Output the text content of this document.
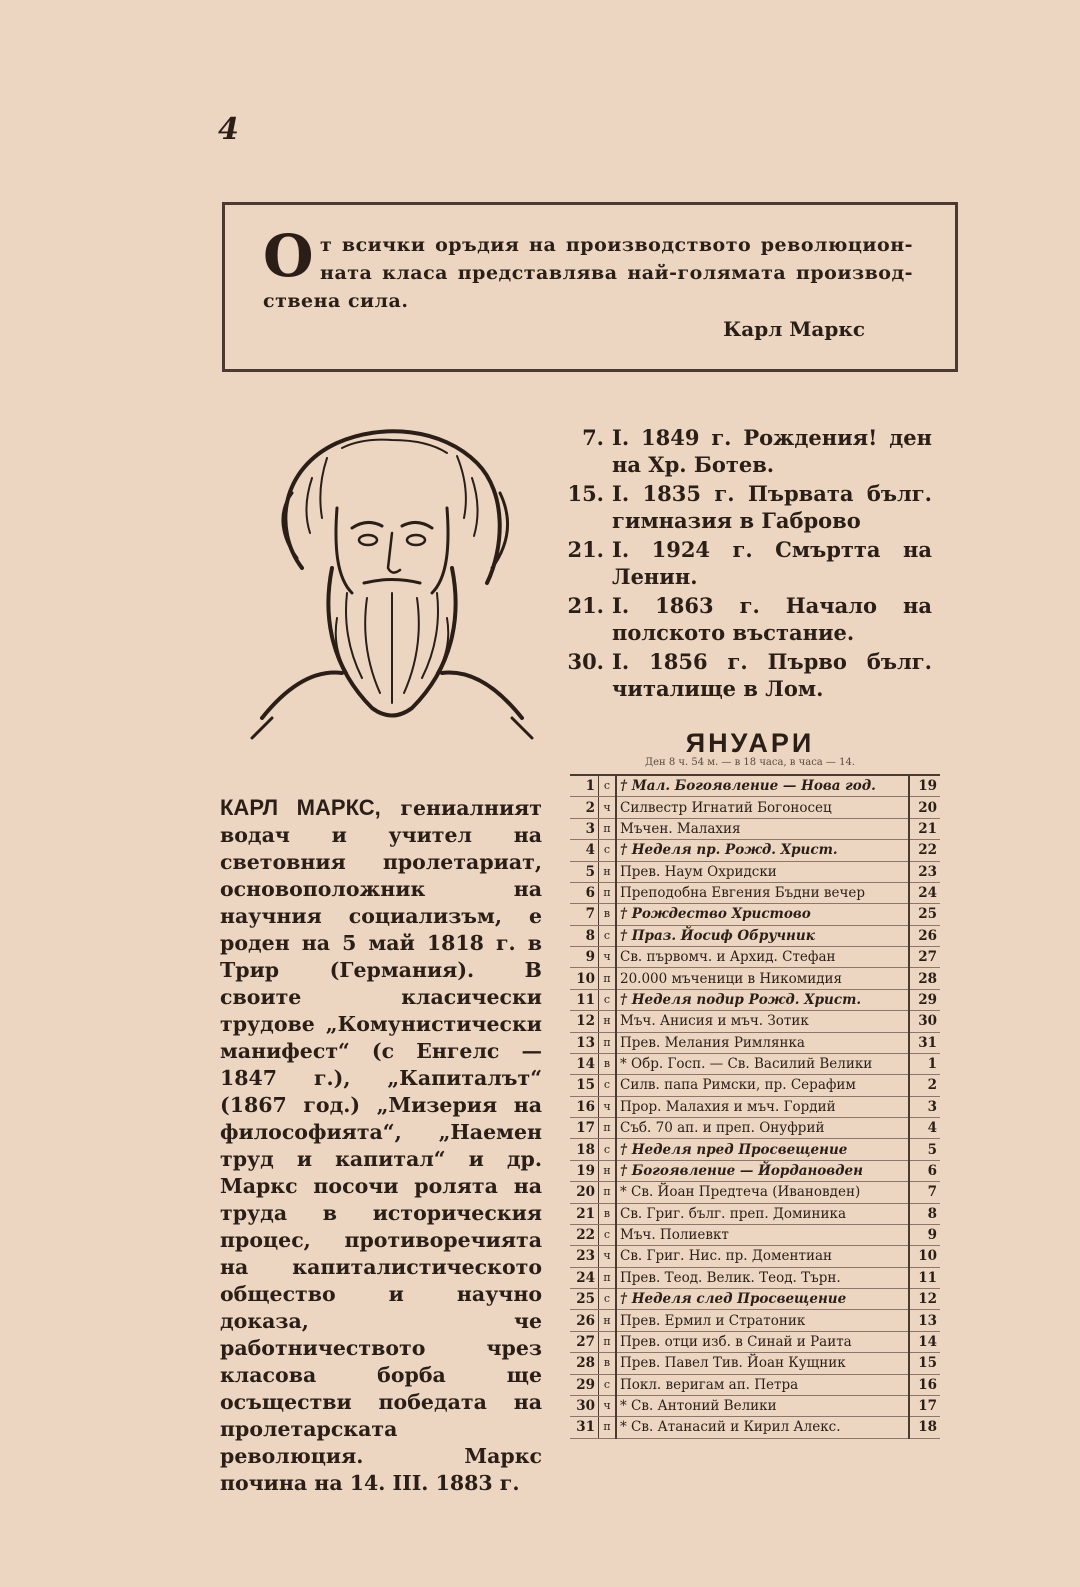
4
От всички оръдия на производството революцион-ната класа представлява най-голямата производ-ствена сила.
Карл Маркс
7. I. 1849 г. Рождения! ден на Хр. Ботев.
15. I. 1835 г. Първата бълг. гимназия в Габрово
21. I. 1924 г. Смъртта на Ленин.
21. I. 1863 г. Начало на полското въстание.
30. I. 1856 г. Първо бълг. читалище в Лом.
КАРЛ МАРКС, гениалният водач и учител на световния пролетариат, основоположник на научния социализъм, е роден на 5 май 1818 г. в Трир (Германия). В своите класически трудове „Комунистически манифест“ (с Енгелс — 1847 г.), „Капиталът“ (1867 год.) „Мизерия на философията“, „Наемен труд и капитал“ и др. Маркс посочи ролята на труда в историческия процес, противоречията на капиталистическото общество и научно доказа, че работничеството чрез класова борба ще осъществи победата на пролетарската революция. Маркс почина на 14. III. 1883 г.
ЯНУАРИ
Ден 8 ч. 54 м. — в 18 часа, в часа — 14.
1	с	† Мал. Богоявление — Нова год.	19
2	ч	Силвестр Игнатий Богоносец	20
3	п	Мъчен. Малахия	21
4	с	† Неделя пр. Рожд. Христ.	22
5	н	Прев. Наум Охридски	23
6	п	Преподобна Евгения Бъдни вечер	24
7	в	† Рождество Христово	25
8	с	† Праз. Йосиф Обручник	26
9	ч	Св. първомч. и Архид. Стефан	27
10	п	20.000 мъченици в Никомидия	28
11	с	† Неделя подир Рожд. Христ.	29
12	н	Мъч. Анисия и мъч. Зотик	30
13	п	Прев. Мелания Римлянка	31
14	в	* Обр. Госп. — Св. Василий Велики	1
15	с	Силв. папа Римски, пр. Серафим	2
16	ч	Прор. Малахия и мъч. Гордий	3
17	п	Съб. 70 ап. и преп. Онуфрий	4
18	с	† Неделя пред Просвещение	5
19	н	† Богоявление — Йордановден	6
20	п	* Св. Йоан Предтеча (Ивановден)	7
21	в	Св. Григ. бълг. преп. Доминика	8
22	с	Мъч. Полиевкт	9
23	ч	Св. Григ. Нис. пр. Доментиан	10
24	п	Прев. Теод. Велик. Теод. Търн.	11
25	с	† Неделя след Просвещение	12
26	н	Прев. Ермил и Стратоник	13
27	п	Прев. отци изб. в Синай и Раита	14
28	в	Прев. Павел Тив. Йоан Кущник	15
29	с	Покл. веригам ап. Петра	16
30	ч	* Св. Антоний Велики	17
31	п	* Св. Атанасий и Кирил Алекс.	18
